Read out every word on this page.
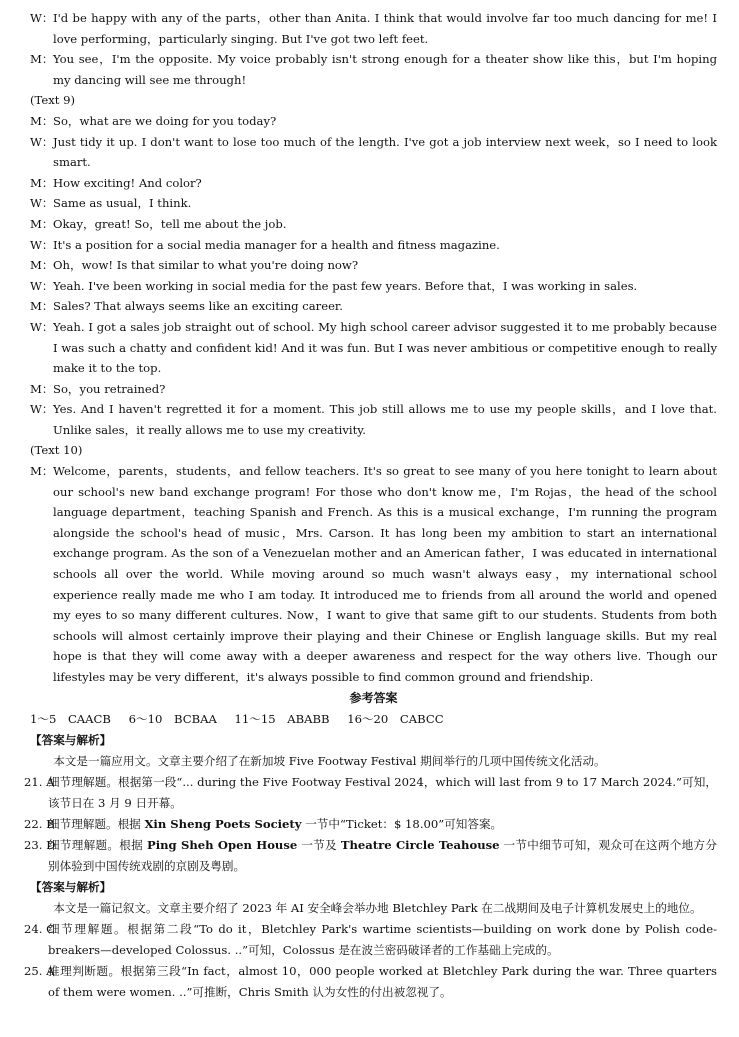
W： I'd be happy with any of the parts，other than Anita. I think that would involve far too much dancing for me! I love performing，particularly singing. But I've got two left feet.
M： You see，I'm the opposite. My voice probably isn't strong enough for a theater show like this，but I'm hoping my dancing will see me through!
(Text 9)
M： So，what are we doing for you today?
W： Just tidy it up. I don't want to lose too much of the length. I've got a job interview next week，so I need to look smart.
M： How exciting! And color?
W： Same as usual，I think.
M： Okay，great! So，tell me about the job.
W： It's a position for a social media manager for a health and fitness magazine.
M： Oh，wow! Is that similar to what you're doing now?
W： Yeah. I've been working in social media for the past few years. Before that，I was working in sales.
M： Sales? That always seems like an exciting career.
W： Yeah. I got a sales job straight out of school. My high school career advisor suggested it to me probably because I was such a chatty and confident kid! And it was fun. But I was never ambitious or competitive enough to really make it to the top.
M： So，you retrained?
W： Yes. And I haven't regretted it for a moment. This job still allows me to use my people skills，and I love that. Unlike sales，it really allows me to use my creativity.
(Text 10)
M： Welcome，parents，students，and fellow teachers. It's so great to see many of you here tonight to learn about our school's new band exchange program! For those who don't know me，I'm Rojas，the head of the school language department，teaching Spanish and French. As this is a musical exchange，I'm running the program alongside the school's head of music，Mrs. Carson. It has long been my ambition to start an international exchange program. As the son of a Venezuelan mother and an American father，I was educated in international schools all over the world. While moving around so much wasn't always easy，my international school experience really made me who I am today. It introduced me to friends from all around the world and opened my eyes to so many different cultures. Now，I want to give that same gift to our students. Students from both schools will almost certainly improve their playing and their Chinese or English language skills. But my real hope is that they will come away with a deeper awareness and respect for the way others live. Though our lifestyles may be very different，it's always possible to find common ground and friendship.
参考答案
1～5　CAACB 6～10　BCBAA 11～15　ABABB 16～20　CABCC
【答案与解析】
本文是一篇应用文。文章主要介绍了在新加坡 Five Footway Festival 期间举行的几项中国传统文化活动。
21. A
细节理解题。根据第一段“... during the Five Footway Festival 2024，which will last from 9 to 17 March 2024.”可知，该节日在 3 月 9 日开幕。
22. B
细节理解题。根据 Xin Sheng Poets Society 一节中“Ticket：$ 18.00”可知答案。
23. D
细节理解题。根据 Ping Sheh Open House 一节及 Theatre Circle Teahouse 一节中细节可知，观众可在这两个地方分别体验到中国传统戏剧的京剧及粤剧。
【答案与解析】
本文是一篇记叙文。文章主要介绍了 2023 年 AI 安全峰会举办地 Bletchley Park 在二战期间及电子计算机发展史上的地位。
24. C
细节理解题。根据第二段“To do it，Bletchley Park's wartime scientists—building on work done by Polish code-breakers—developed Colossus. ..”可知，Colossus 是在波兰密码破译者的工作基础上完成的。
25. A
推理判断题。根据第三段“In fact，almost 10，000 people worked at Bletchley Park during the war. Three quarters of them were women. ..”可推断，Chris Smith 认为女性的付出被忽视了。
